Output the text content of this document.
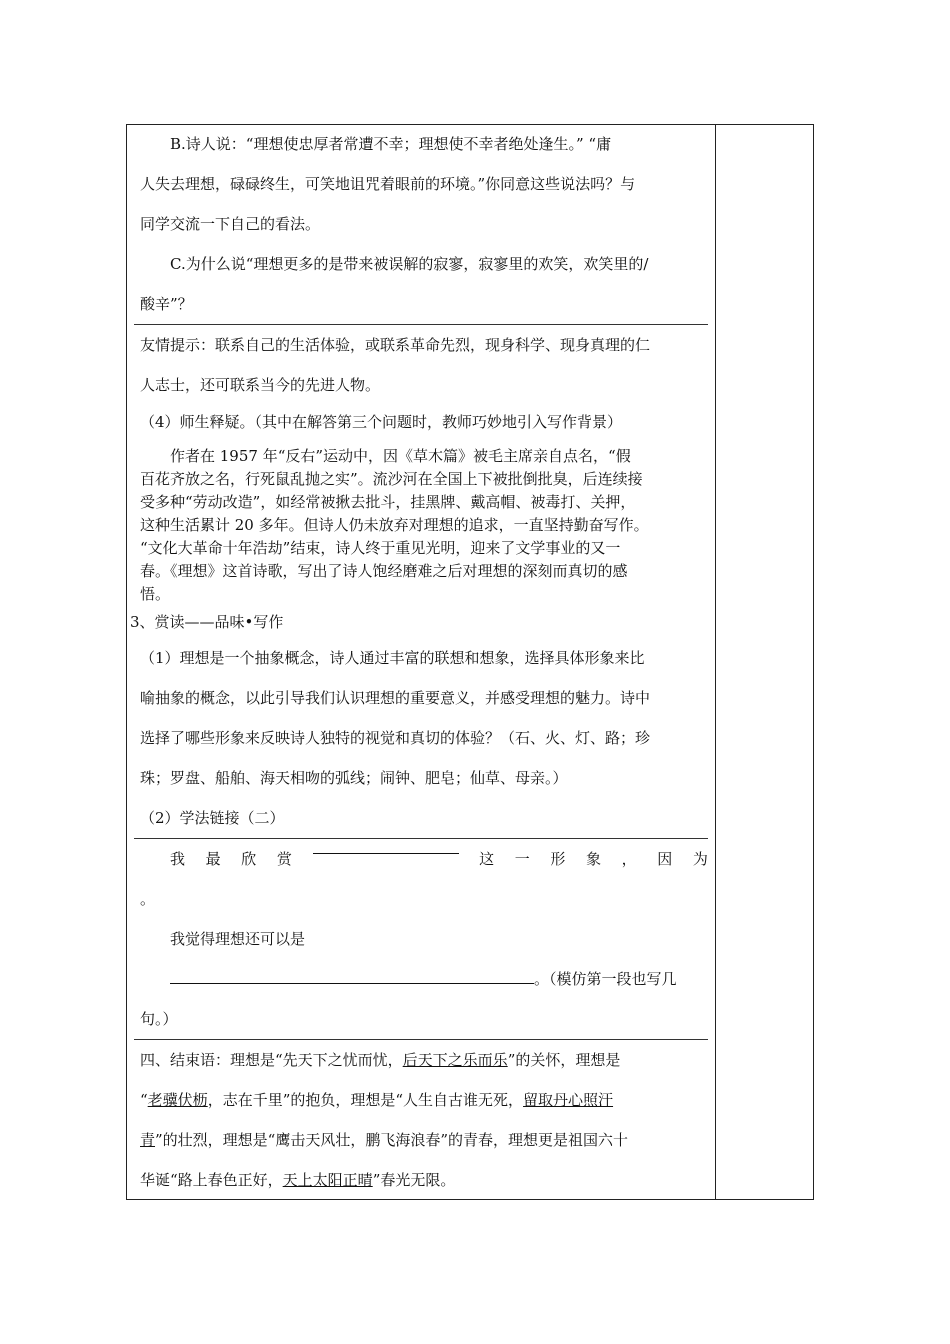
B.诗人说：“理想使忠厚者常遭不幸；理想使不幸者绝处逢生。” “庸

人失去理想，碌碌终生，可笑地诅咒着眼前的环境。”你同意这些说法吗？与

同学交流一下自己的看法。

C.为什么说“理想更多的是带来被误解的寂寥，寂寥里的欢笑，欢笑里的/

酸辛”？

友情提示：联系自己的生活体验，或联系革命先烈，现身科学、现身真理的仁

人志士，还可联系当今的先进人物。

（4）师生释疑。（其中在解答第三个问题时，教师巧妙地引入写作背景）

作者在 1957 年“反右”运动中，因《草木篇》被毛主席亲自点名，“假

百花齐放之名，行死鼠乱抛之实”。流沙河在全国上下被批倒批臭，后连续接

受多种“劳动改造”，如经常被揪去批斗，挂黑牌、戴高帽、被毒打、关押，

这种生活累计 20 多年。但诗人仍未放弃对理想的追求，一直坚持勤奋写作。

“文化大革命十年浩劫”结束，诗人终于重见光明，迎来了文学事业的又一

春。《理想》这首诗歌，写出了诗人饱经磨难之后对理想的深刻而真切的感

悟。

3、赏读——品味•写作

（1）理想是一个抽象概念，诗人通过丰富的联想和想象，选择具体形象来比

喻抽象的概念，以此引导我们认识理想的重要意义，并感受理想的魅力。诗中

选择了哪些形象来反映诗人独特的视觉和真切的体验？（石、火、灯、路；珍

珠；罗盘、船舶、海天相吻的弧线；闹钟、肥皂；仙草、母亲。）

（2）学法链接（二）

我 最 欣 赏	这 一 形 象 ， 因 为

。

我觉得理想还可以是

。（模仿第一段也写几

句。）

四、结束语：理想是“先天下之忧而忧，后天下之乐而乐”的关怀，理想是

“老骥伏枥，志在千里”的抱负，理想是“人生自古谁无死，留取丹心照汗

青”的壮烈，理想是“鹰击天风壮，鹏飞海浪春”的青春，理想更是祖国六十

华诞“路上春色正好，天上太阳正晴”春光无限。
